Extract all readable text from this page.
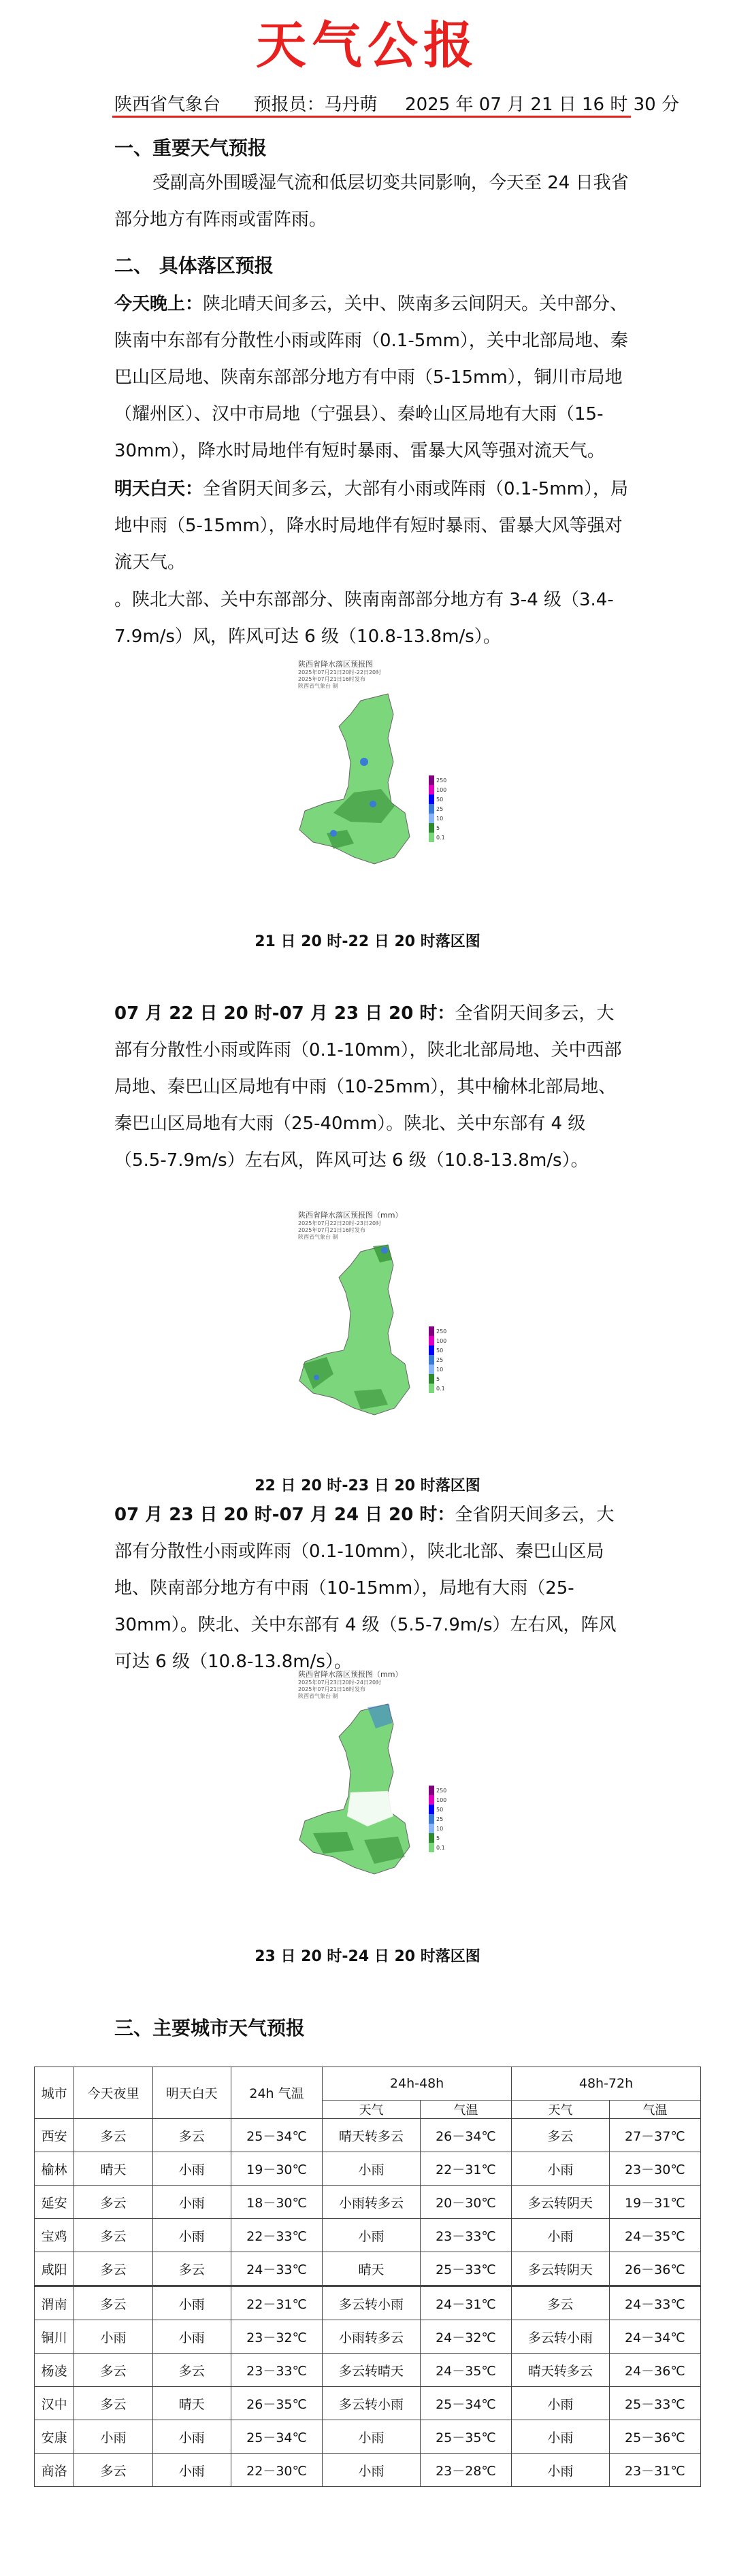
天气公报
陕西省气象台 预报员：马丹萌 2025 年 07 月 21 日 16 时 30 分
一、重要天气预报
受副高外围暖湿气流和低层切变共同影响，今天至 24 日我省部分地方有阵雨或雷阵雨。
二、 具体落区预报
今天晚上：陕北晴天间多云，关中、陕南多云间阴天。关中部分、陕南中东部有分散性小雨或阵雨（0.1-5mm），关中北部局地、秦巴山区局地、陕南东部部分地方有中雨（5-15mm），铜川市局地（耀州区）、汉中市局地（宁强县）、秦岭山区局地有大雨（15-30mm），降水时局地伴有短时暴雨、雷暴大风等强对流天气。
明天白天：全省阴天间多云，大部有小雨或阵雨（0.1-5mm），局地中雨（5-15mm），降水时局地伴有短时暴雨、雷暴大风等强对流天气。
。陕北大部、关中东部部分、陕南南部部分地方有 3-4 级（3.4-7.9m/s）风，阵风可达 6 级（10.8-13.8m/s）。
陕西省降水落区预报图
2025年07月21日20时-22日20时
2025年07月21日16时发布
陕西省气象台 制
250
100
50
25
10
5
0.1
21 日 20 时-22 日 20 时落区图
07 月 22 日 20 时-07 月 23 日 20 时：全省阴天间多云，大部有分散性小雨或阵雨（0.1-10mm），陕北北部局地、关中西部局地、秦巴山区局地有中雨（10-25mm），其中榆林北部局地、秦巴山区局地有大雨（25-40mm）。陕北、关中东部有 4 级（5.5-7.9m/s）左右风，阵风可达 6 级（10.8-13.8m/s）。
陕西省降水落区预报图（mm）
2025年07月22日20时-23日20时
2025年07月21日16时发布
陕西省气象台 制
250
100
50
25
10
5
0.1
22 日 20 时-23 日 20 时落区图
07 月 23 日 20 时-07 月 24 日 20 时：全省阴天间多云，大部有分散性小雨或阵雨（0.1-10mm），陕北北部、秦巴山区局地、陕南部分地方有中雨（10-15mm），局地有大雨（25-30mm）。陕北、关中东部有 4 级（5.5-7.9m/s）左右风，阵风可达 6 级（10.8-13.8m/s）。
陕西省降水落区预报图（mm）
2025年07月23日20时-24日20时
2025年07月21日16时发布
陕西省气象台 制
250
100
50
25
10
5
0.1
23 日 20 时-24 日 20 时落区图
三、主要城市天气预报
城市	今天夜里	明天白天	24h 气温	24h-48h		48h-72h	
				天气	气温	天气	气温
西安	多云	多云	25－34℃	晴天转多云	26－34℃	多云	27－37℃
榆林	晴天	小雨	19－30℃	小雨	22－31℃	小雨	23－30℃
延安	多云	小雨	18－30℃	小雨转多云	20－30℃	多云转阴天	19－31℃
宝鸡	多云	小雨	22－33℃	小雨	23－33℃	小雨	24－35℃
咸阳	多云	多云	24－33℃	晴天	25－33℃	多云转阴天	26－36℃
渭南	多云	小雨	22－31℃	多云转小雨	24－31℃	多云	24－33℃
铜川	小雨	小雨	23－32℃	小雨转多云	24－32℃	多云转小雨	24－34℃
杨凌	多云	多云	23－33℃	多云转晴天	24－35℃	晴天转多云	24－36℃
汉中	多云	晴天	26－35℃	多云转小雨	25－34℃	小雨	25－33℃
安康	小雨	小雨	25－34℃	小雨	25－35℃	小雨	25－36℃
商洛	多云	小雨	22－30℃	小雨	23－28℃	小雨	23－31℃
